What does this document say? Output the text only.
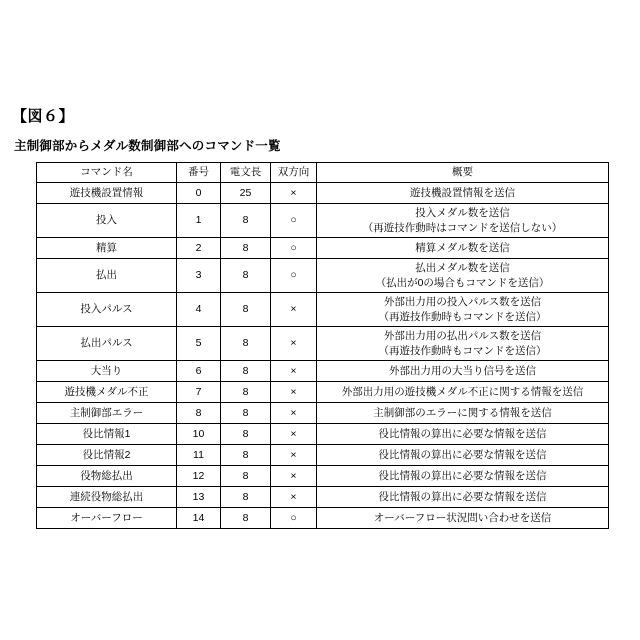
【図６】
主制御部からメダル数制御部へのコマンド一覧
コマンド名	番号	電文長	双方向	概要
遊技機設置情報	0	25	×	遊技機設置情報を送信

投入	1	8	○	投入メダル数を送信
（再遊技作動時はコマンドを送信しない）

精算	2	8	○	精算メダル数を送信

払出	3	8	○	払出メダル数を送信
（払出が0の場合もコマンドを送信）

投入パルス	4	8	×	外部出力用の投入パルス数を送信
（再遊技作動時もコマンドを送信）

払出パルス	5	8	×	外部出力用の払出パルス数を送信
（再遊技作動時もコマンドを送信）

大当り	6	8	×	外部出力用の大当り信号を送信

遊技機メダル不正	7	8	×	外部出力用の遊技機メダル不正に関する情報を送信

主制御部エラー	8	8	×	主制御部のエラーに関する情報を送信

役比情報1	10	8	×	役比情報の算出に必要な情報を送信

役比情報2	11	8	×	役比情報の算出に必要な情報を送信

役物総払出	12	8	×	役比情報の算出に必要な情報を送信

連続役物総払出	13	8	×	役比情報の算出に必要な情報を送信

オーバーフロー	14	8	○	オーバーフロー状況問い合わせを送信
